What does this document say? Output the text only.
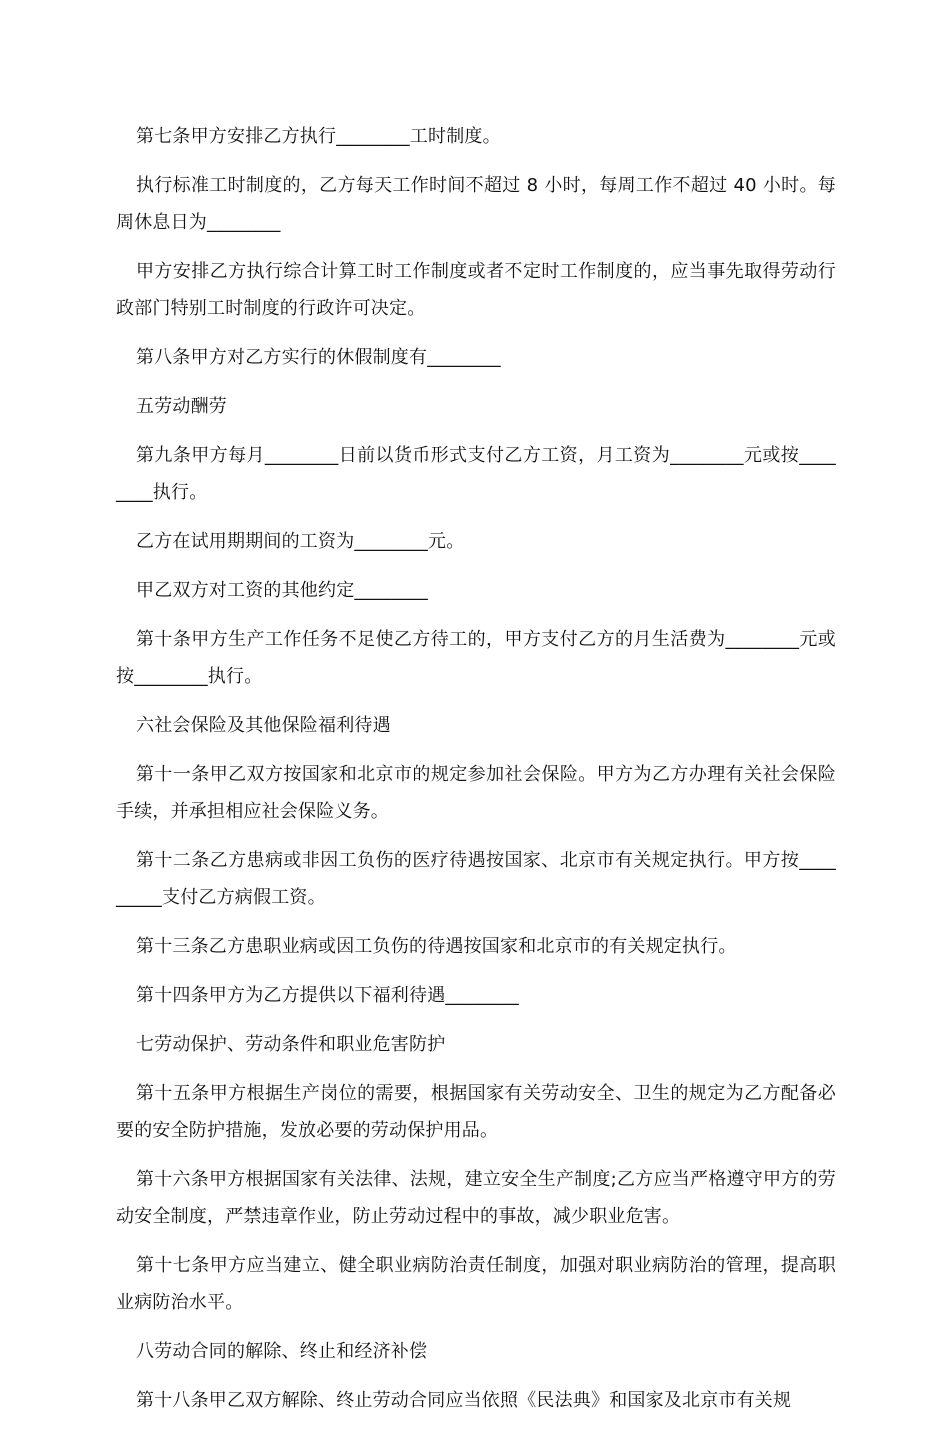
第七条甲方安排乙方执行________工时制度。

执行标准工时制度的，乙方每天工作时间不超过 8 小时，每周工作不超过 40 小时。每周休息日为________

甲方安排乙方执行综合计算工时工作制度或者不定时工作制度的，应当事先取得劳动行政部门特别工时制度的行政许可决定。

第八条甲方对乙方实行的休假制度有________

五劳动酬劳

第九条甲方每月________日前以货币形式支付乙方工资，月工资为________元或按________执行。

乙方在试用期期间的工资为________元。

甲乙双方对工资的其他约定________

第十条甲方生产工作任务不足使乙方待工的，甲方支付乙方的月生活费为________元或按________执行。

六社会保险及其他保险福利待遇

第十一条甲乙双方按国家和北京市的规定参加社会保险。甲方为乙方办理有关社会保险手续，并承担相应社会保险义务。

第十二条乙方患病或非因工负伤的医疗待遇按国家、北京市有关规定执行。甲方按_________支付乙方病假工资。

第十三条乙方患职业病或因工负伤的待遇按国家和北京市的有关规定执行。

第十四条甲方为乙方提供以下福利待遇________

七劳动保护、劳动条件和职业危害防护

第十五条甲方根据生产岗位的需要，根据国家有关劳动安全、卫生的规定为乙方配备必要的安全防护措施，发放必要的劳动保护用品。

第十六条甲方根据国家有关法律、法规，建立安全生产制度;乙方应当严格遵守甲方的劳动安全制度，严禁违章作业，防止劳动过程中的事故，减少职业危害。

第十七条甲方应当建立、健全职业病防治责任制度，加强对职业病防治的管理，提高职业病防治水平。

八劳动合同的解除、终止和经济补偿

第十八条甲乙双方解除、终止劳动合同应当依照《民法典》和国家及北京市有关规
